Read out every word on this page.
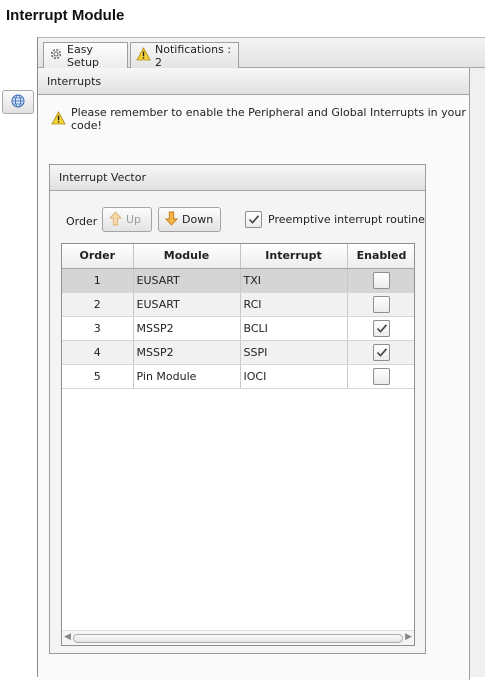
Interrupt Module
Easy Setup
Notifications : 2
Interrupts
Please remember to enable the Peripheral and Global Interrupts in your code!
Interrupt Vector
Order	Up	Down	Preemptive interrupt routine
Order	Module	Interrupt	Enabled
1	EUSART	TXI	

2	EUSART	RCI	

3	MSSP2	BCLI	

4	MSSP2	SSPI	

5	Pin Module	IOCI	
◀	▶
